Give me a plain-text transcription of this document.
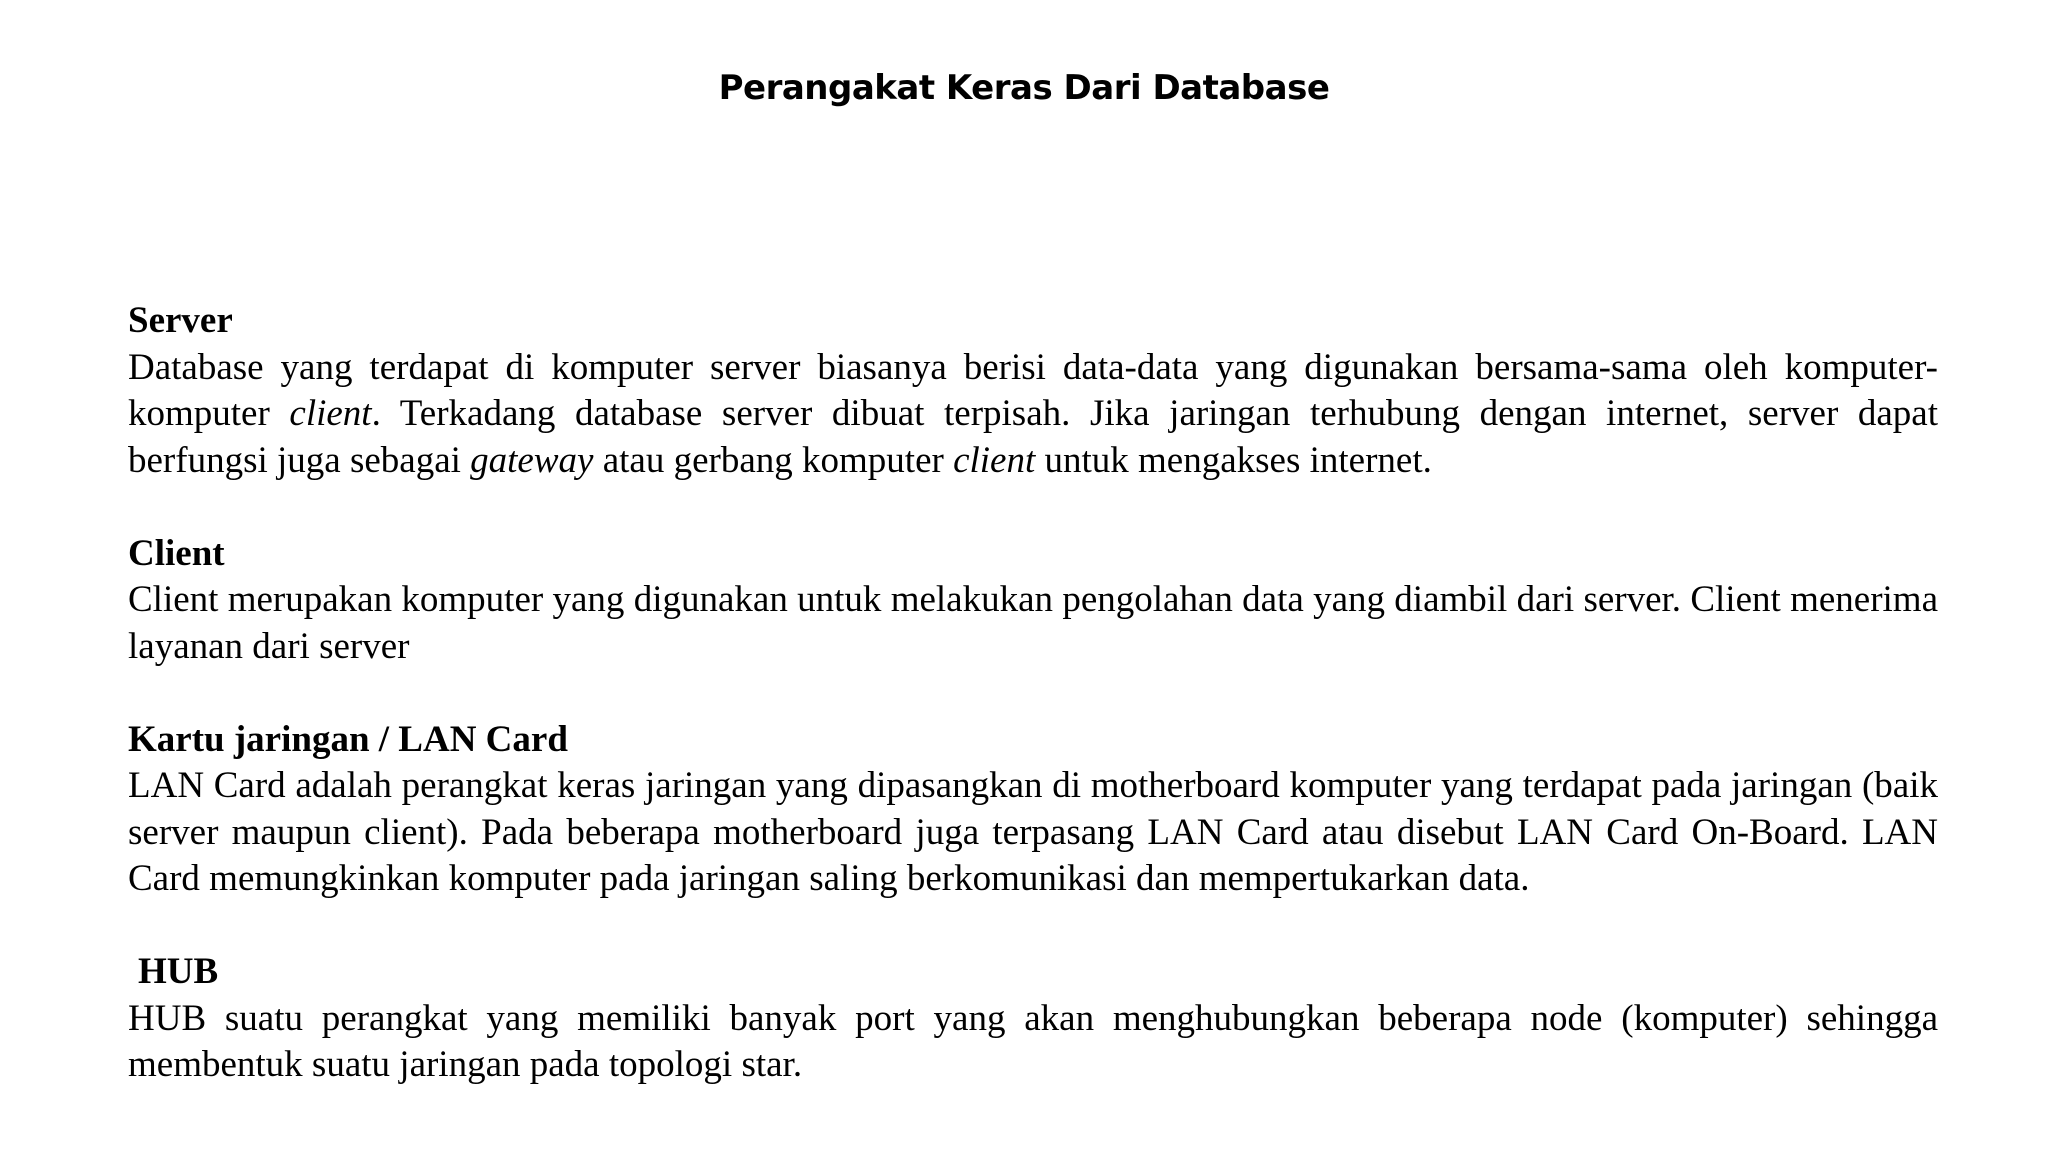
Perangakat Keras Dari Database
Server

Database yang terdapat di komputer server biasanya berisi data-data yang digunakan bersama-sama oleh komputer-komputer client. Terkadang database server dibuat terpisah. Jika jaringan terhubung dengan internet, server dapat berfungsi juga sebagai gateway atau gerbang komputer client untuk mengakses internet.

Client

Client merupakan komputer yang digunakan untuk melakukan pengolahan data yang diambil dari server. Client menerima layanan dari server

Kartu jaringan / LAN Card

LAN Card adalah perangkat keras jaringan yang dipasangkan di motherboard komputer yang terdapat pada jaringan (baik server maupun client). Pada beberapa motherboard juga terpasang LAN Card atau disebut LAN Card On-Board. LAN Card memungkinkan komputer pada jaringan saling berkomunikasi dan mempertukarkan data.

HUB

HUB suatu perangkat yang memiliki banyak port yang akan menghubungkan beberapa node (komputer) sehingga membentuk suatu jaringan pada topologi star.
